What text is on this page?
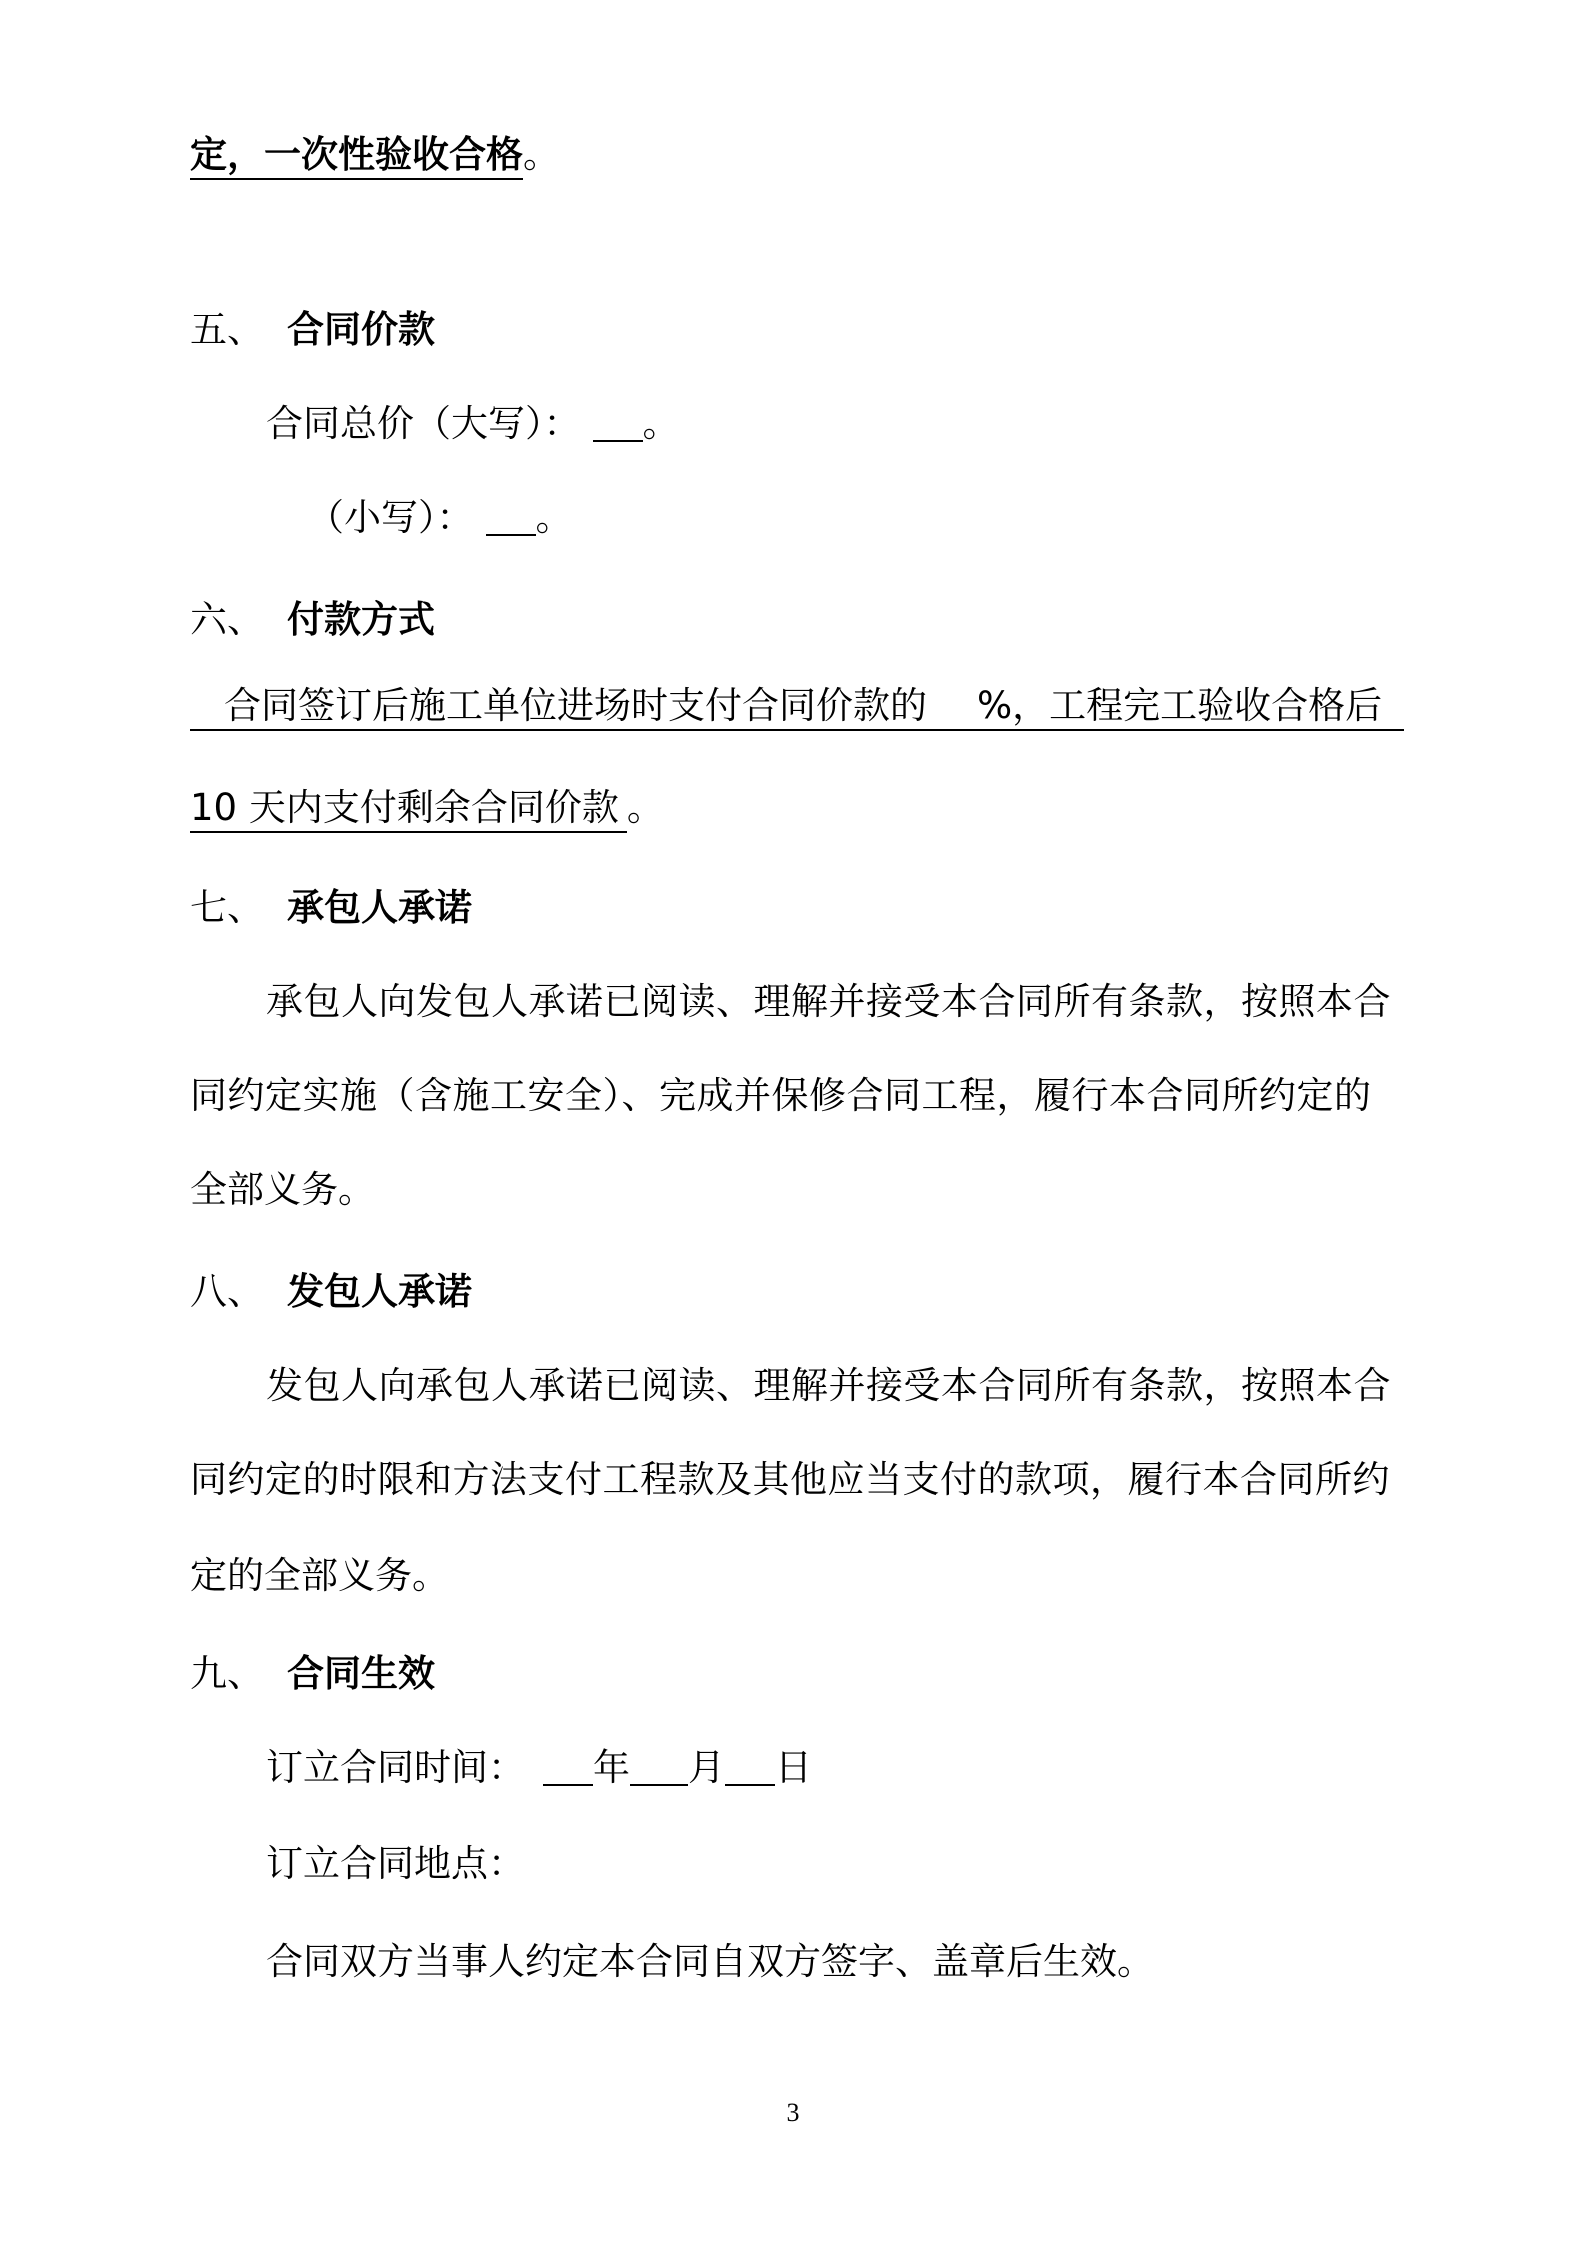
定，一次性验收合格。
五、 合同价款
合同总价（大写）： 。
（小写）： 。
六、 付款方式
合同签订后施工单位进场时支付合同价款的 %，工程完工验收合格后
10 天内支付剩余合同价款 。
七、 承包人承诺
承包人向发包人承诺已阅读、理解并接受本合同所有条款，按照本合
同约定实施（含施工安全）、完成并保修合同工程，履行本合同所约定的
全部义务。
八、 发包人承诺
发包人向承包人承诺已阅读、理解并接受本合同所有条款，按照本合
同约定的时限和方法支付工程款及其他应当支付的款项，履行本合同所约
定的全部义务。
九、 合同生效
订立合同时间： 年 月 日
订立合同地点：
合同双方当事人约定本合同自双方签字、盖章后生效。
3
